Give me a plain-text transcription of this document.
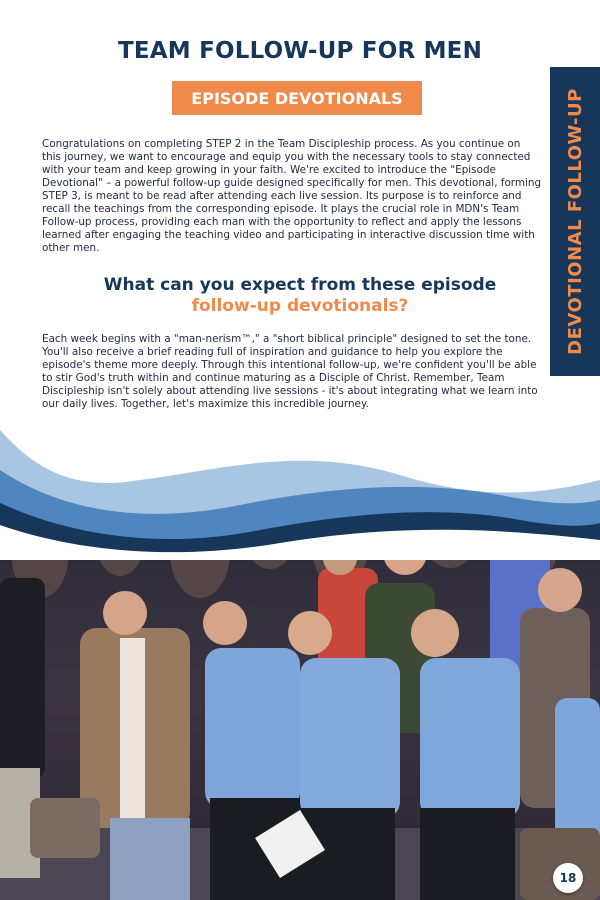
TEAM FOLLOW-UP FOR MEN
EPISODE DEVOTIONALS	DEVOTIONAL FOLLOW-UP

Congratulations on completing STEP 2 in the Team Discipleship process. As you continue on this journey, we want to encourage and equip you with the necessary tools to stay connected with your team and keep growing in your faith. We're excited to introduce the "Episode Devotional" – a powerful follow-up guide designed specifically for men. This devotional, forming STEP 3, is meant to be read after attending each live session. Its purpose is to reinforce and recall the teachings from the corresponding episode. It plays the crucial role in MDN's Team Follow-up process, providing each man with the opportunity to reflect and apply the lessons learned after engaging the teaching video and participating in interactive discussion time with other men.

What can you expect from these episode
follow-up devotionals?

Each week begins with a "man-nerism™," a "short biblical principle" designed to set the tone. You'll also receive a brief reading full of inspiration and guidance to help you explore the episode's theme more deeply. Through this intentional follow-up, we're confident you'll be able to stir God's truth within and continue maturing as a Disciple of Christ. Remember, Team Discipleship isn't solely about attending live sessions - it's about integrating what we learn into our daily lives. Together, let's maximize this incredible journey.

18
